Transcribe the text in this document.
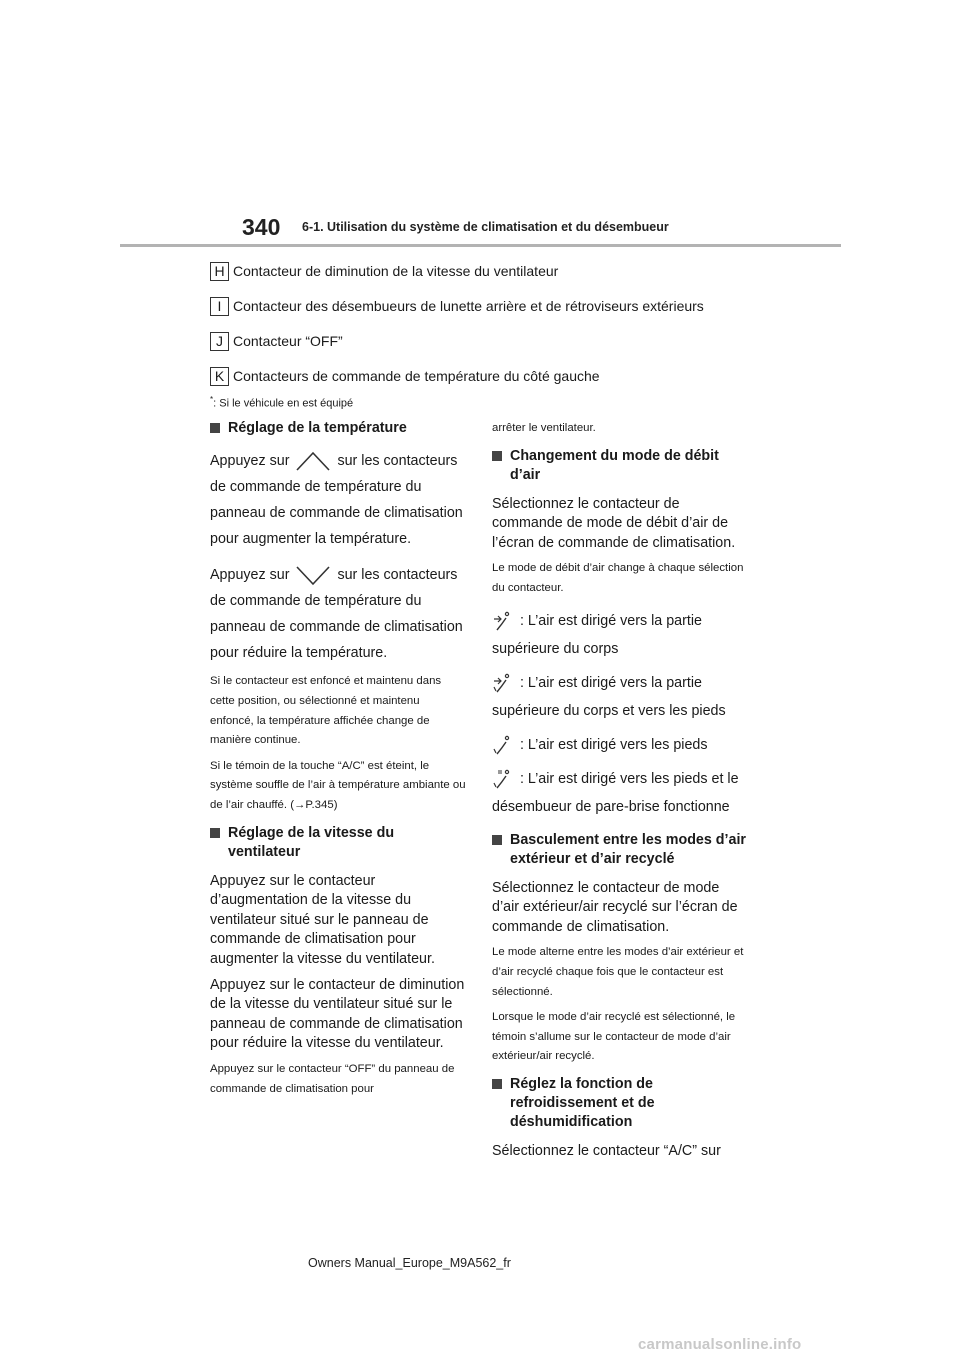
340 6-1. Utilisation du système de climatisation et du désembueur
H Contacteur de diminution de la vitesse du ventilateur
I Contacteur des désembueurs de lunette arrière et de rétroviseurs extérieurs
J Contacteur “OFF”
K Contacteurs de commande de température du côté gauche
*: Si le véhicule en est équipé
Réglage de la température
Appuyez sur	sur les contacteurs de commande de température du panneau de commande de climatisation pour augmenter la température.
Appuyez sur	sur les contacteurs de commande de température du panneau de commande de climatisation pour réduire la température.
Si le contacteur est enfoncé et maintenu dans cette position, ou sélectionné et maintenu enfoncé, la température affichée change de manière continue.
Si le témoin de la touche “A/C” est éteint, le système souffle de l’air à température ambiante ou de l’air chauffé. (→P.345)
Réglage de la vitesse du ventilateur
Appuyez sur le contacteur d’augmentation de la vitesse du ventilateur situé sur le panneau de commande de climatisation pour augmenter la vitesse du ventilateur.
Appuyez sur le contacteur de diminution de la vitesse du ventilateur situé sur le panneau de commande de climatisation pour réduire la vitesse du ventilateur.
Appuyez sur le contacteur “OFF” du panneau de commande de climatisation pour
arrêter le ventilateur.
Changement du mode de débit d’air
Sélectionnez le contacteur de commande de mode de débit d’air de l’écran de commande de climatisation.
Le mode de débit d’air change à chaque sélection du contacteur.
: L’air est dirigé vers la partie supérieure du corps
: L’air est dirigé vers la partie supérieure du corps et vers les pieds
: L’air est dirigé vers les pieds
: L’air est dirigé vers les pieds et le désembueur de pare-brise fonctionne
Basculement entre les modes d’air extérieur et d’air recyclé
Sélectionnez le contacteur de mode d’air extérieur/air recyclé sur l’écran de commande de climatisation.
Le mode alterne entre les modes d’air extérieur et d’air recyclé chaque fois que le contacteur est sélectionné.
Lorsque le mode d’air recyclé est sélectionné, le témoin s’allume sur le contacteur de mode d’air extérieur/air recyclé.
Réglez la fonction de refroidissement et de déshumidification
Sélectionnez le contacteur “A/C” sur
Owners Manual_Europe_M9A562_fr
carmanualsonline.info
